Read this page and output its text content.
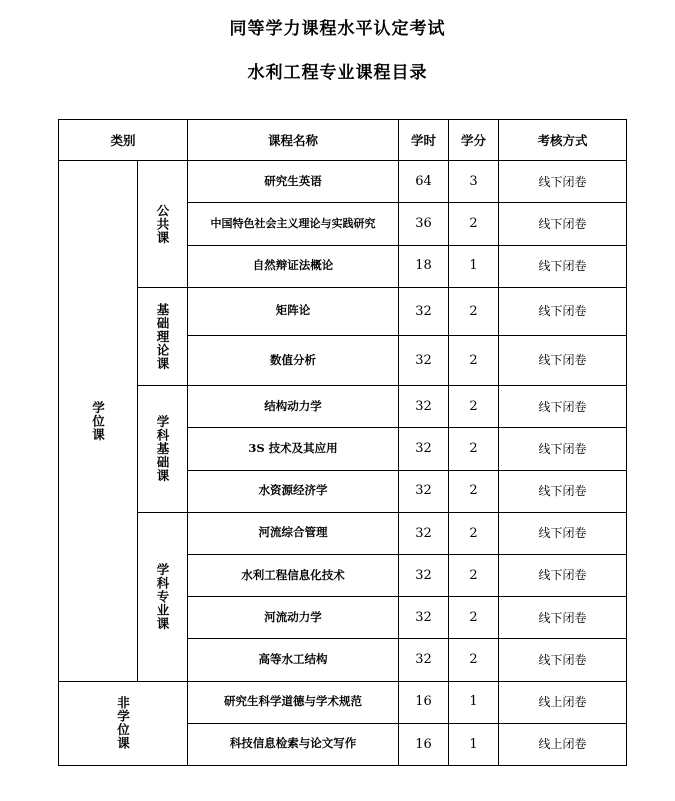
同等学力课程水平认定考试
水利工程专业课程目录
类别		课程名称	学时	学分	考核方式

学位课	公共课	研究生英语	64	3	线下闭卷
		中国特色社会主义理论与实践研究	36	2	线下闭卷
		自然辩证法概论	18	1	线下闭卷

	基础理论课	矩阵论	32	2	线下闭卷
		数值分析	32	2	线下闭卷

	学科基础课	结构动力学	32	2	线下闭卷
		3S 技术及其应用	32	2	线下闭卷
		水资源经济学	32	2	线下闭卷

	学科专业课	河流综合管理	32	2	线下闭卷
		水利工程信息化技术	32	2	线下闭卷
		河流动力学	32	2	线下闭卷
		高等水工结构	32	2	线下闭卷

非学位课		研究生科学道德与学术规范	16	1	线上闭卷
		科技信息检索与论文写作	16	1	线上闭卷
